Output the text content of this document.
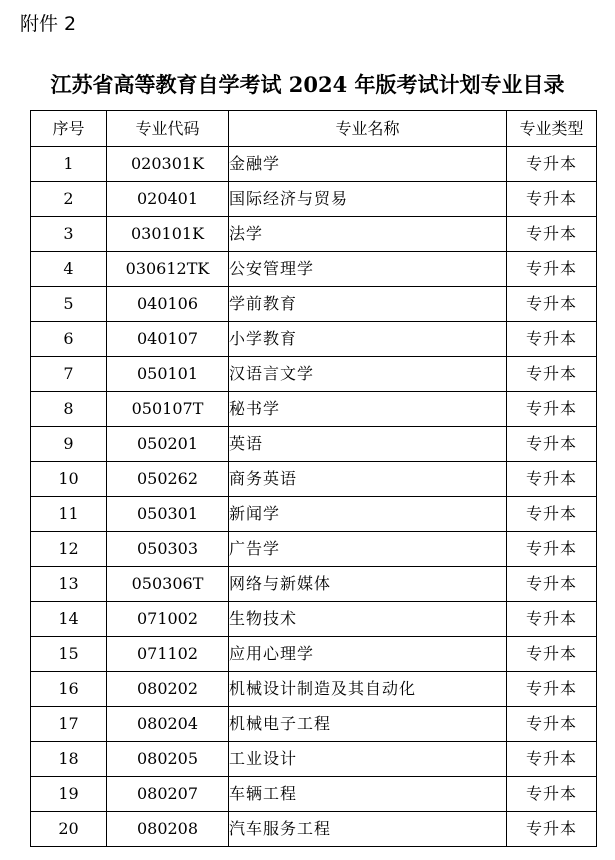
附件 2
江苏省高等教育自学考试 2024 年版考试计划专业目录
序号	专业代码	专业名称	专业类型
1	020301K	金融学	专升本
2	020401	国际经济与贸易	专升本
3	030101K	法学	专升本
4	030612TK	公安管理学	专升本
5	040106	学前教育	专升本
6	040107	小学教育	专升本
7	050101	汉语言文学	专升本
8	050107T	秘书学	专升本
9	050201	英语	专升本
10	050262	商务英语	专升本
11	050301	新闻学	专升本
12	050303	广告学	专升本
13	050306T	网络与新媒体	专升本
14	071002	生物技术	专升本
15	071102	应用心理学	专升本
16	080202	机械设计制造及其自动化	专升本
17	080204	机械电子工程	专升本
18	080205	工业设计	专升本
19	080207	车辆工程	专升本
20	080208	汽车服务工程	专升本
